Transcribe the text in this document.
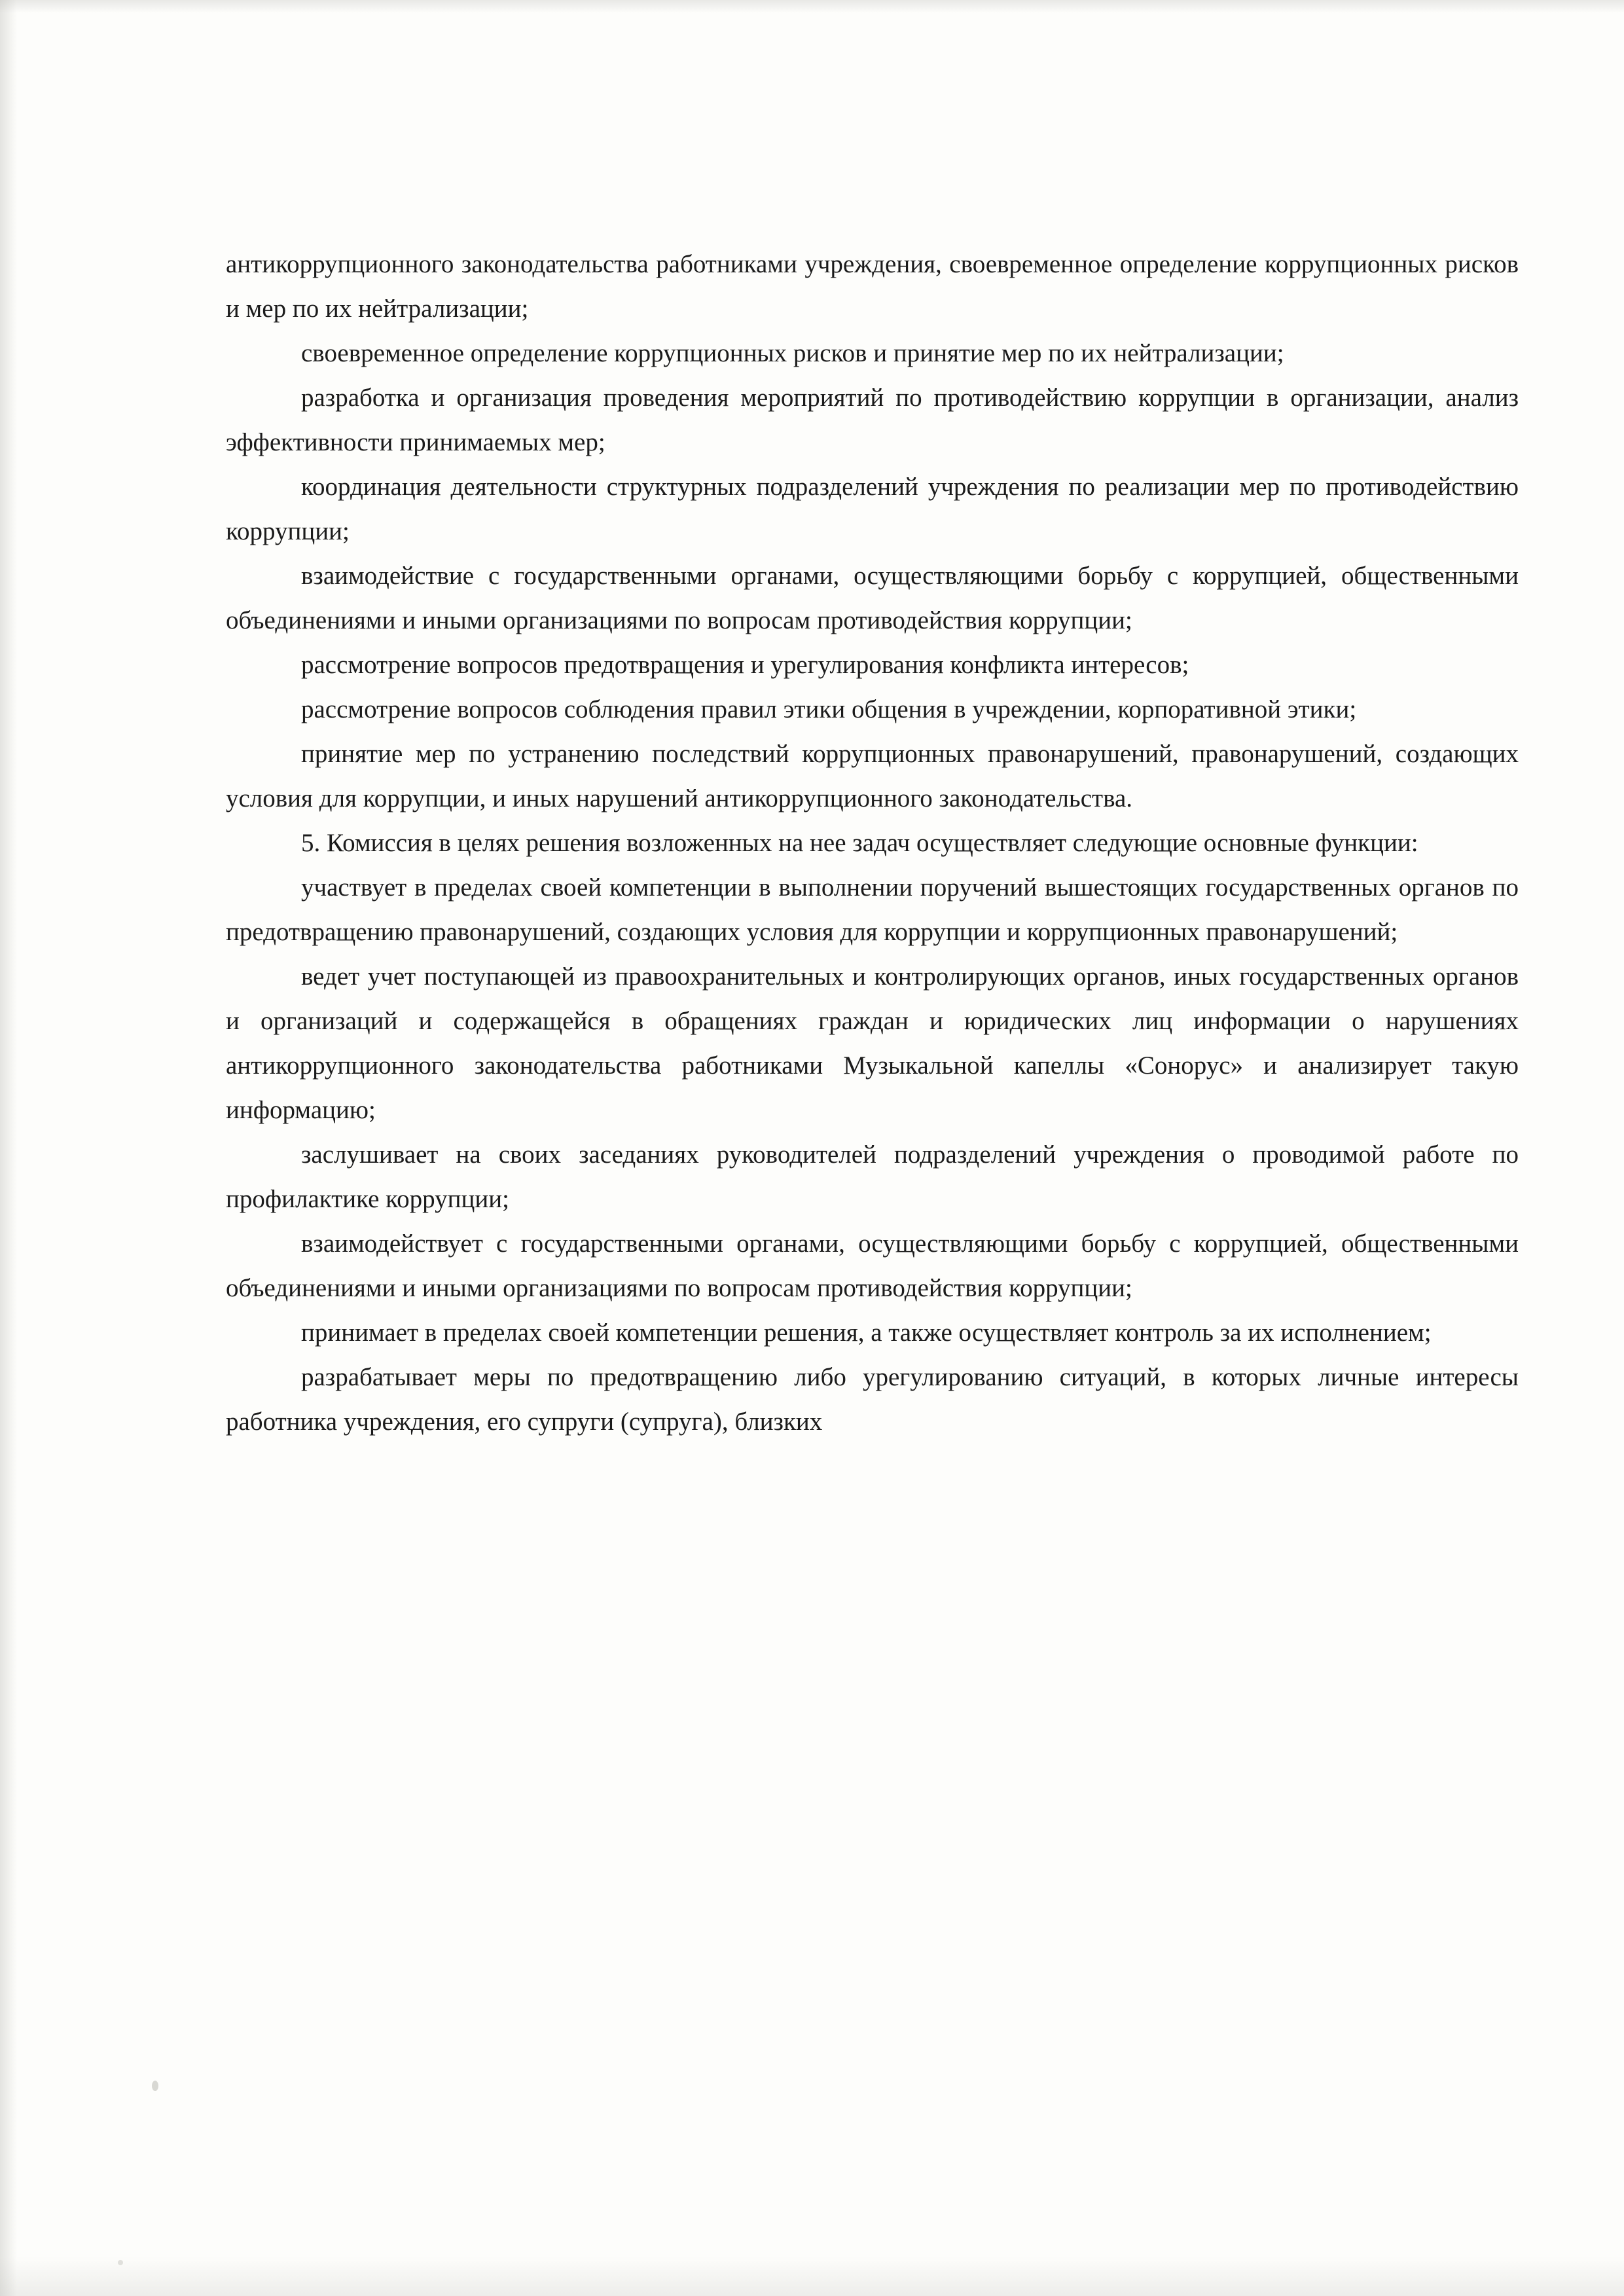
антикоррупционного законодательства работниками учреждения, своевременное определение коррупционных рисков и мер по их нейтрализации;

своевременное определение коррупционных рисков и принятие мер по их нейтрализации;

разработка и организация проведения мероприятий по противодействию коррупции в организации, анализ эффективности принимаемых мер;

координация деятельности структурных подразделений учреждения по реализации мер по противодействию коррупции;

взаимодействие с государственными органами, осуществляющими борьбу с коррупцией, общественными объединениями и иными организациями по вопросам противодействия коррупции;

рассмотрение вопросов предотвращения и урегулирования конфликта интересов;

рассмотрение вопросов соблюдения правил этики общения в учреждении, корпоративной этики;

принятие мер по устранению последствий коррупционных правонарушений, правонарушений, создающих условия для коррупции, и иных нарушений антикоррупционного законодательства.

5. Комиссия в целях решения возложенных на нее задач осуществляет следующие основные функции:

участвует в пределах своей компетенции в выполнении поручений вышестоящих государственных органов по предотвращению правонарушений, создающих условия для коррупции и коррупционных правонарушений;

ведет учет поступающей из правоохранительных и контролирующих органов, иных государственных органов и организаций и содержащейся в обращениях граждан и юридических лиц информации о нарушениях антикоррупционного законодательства работниками Музыкальной капеллы «Сонорус» и анализирует такую информацию;

заслушивает на своих заседаниях руководителей подразделений учреждения о проводимой работе по профилактике коррупции;

взаимодействует с государственными органами, осуществляющими борьбу с коррупцией, общественными объединениями и иными организациями по вопросам противодействия коррупции;

принимает в пределах своей компетенции решения, а также осуществляет контроль за их исполнением;

разрабатывает меры по предотвращению либо урегулированию ситуаций, в которых личные интересы работника учреждения, его супруги (супруга), близких
